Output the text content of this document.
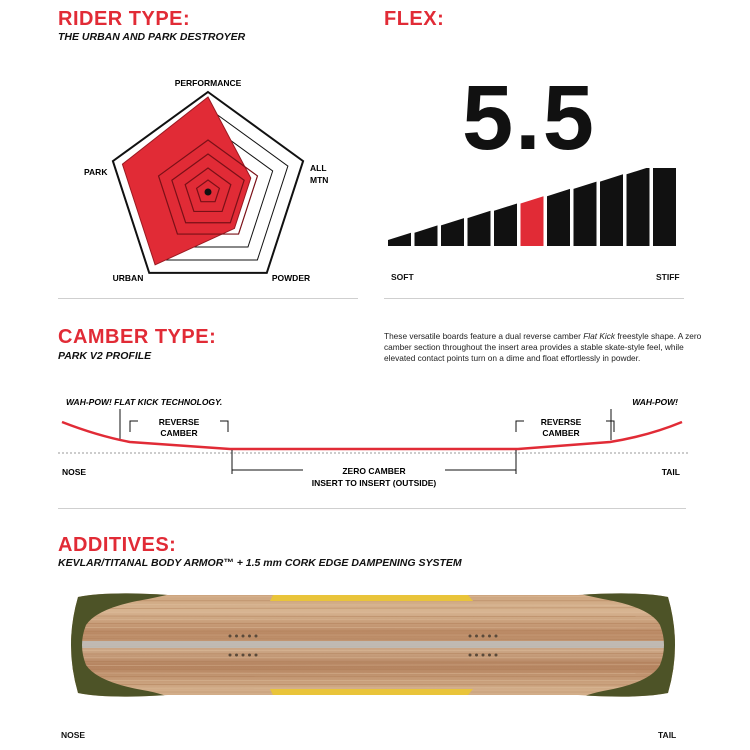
RIDER TYPE:
THE URBAN AND PARK DESTROYER
PERFORMANCE
ALL
MTN
POWDER
URBAN
PARK
FLEX:
5.5
SOFT	STIFF
CAMBER TYPE:
PARK V2 PROFILE
These versatile boards feature a dual reverse camber Flat Kick freestyle shape. A zero camber section throughout the insert area provides a stable skate-style feel, while elevated contact points turn on a dime and float effortlessly in powder.
WAH-POW! FLAT KICK TECHNOLOGY.	WAH-POW!
REVERSE
CAMBER
REVERSE
CAMBER
ZERO CAMBER
INSERT TO INSERT (OUTSIDE)
NOSE	TAIL
ADDITIVES:
KEVLAR/TITANAL BODY ARMOR™ + 1.5 mm CORK EDGE DAMPENING SYSTEM
NOSE	TAIL
